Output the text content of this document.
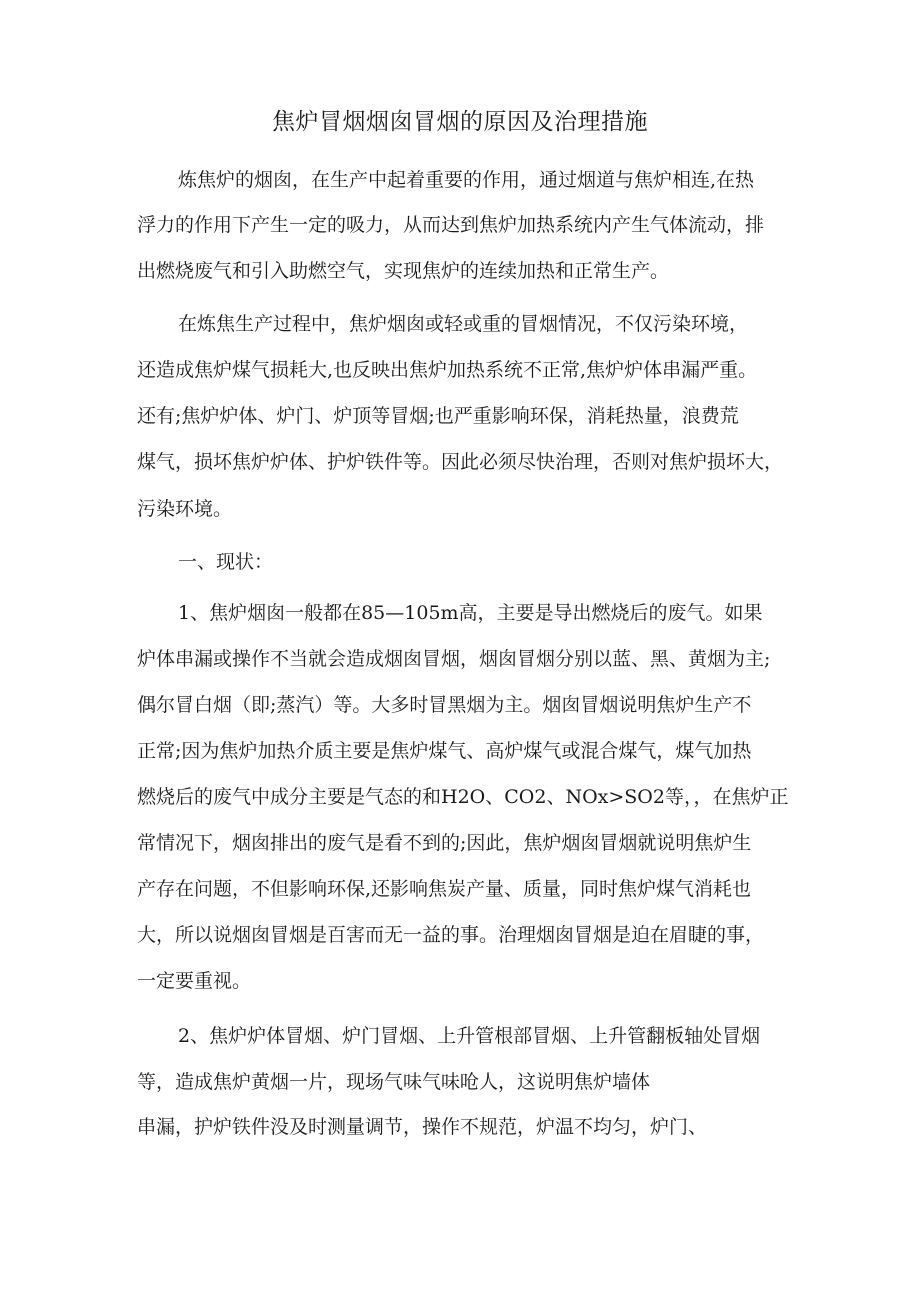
焦炉冒烟烟囱冒烟的原因及治理措施

炼焦炉的烟囱，在生产中起着重要的作用，通过烟道与焦炉相连,在热

浮力的作用下产生一定的吸力，从而达到焦炉加热系统内产生气体流动，排

出燃烧废气和引入助燃空气，实现焦炉的连续加热和正常生产。

在炼焦生产过程中，焦炉烟囱或轻或重的冒烟情况，不仅污染环境，

还造成焦炉煤气损耗大,也反映出焦炉加热系统不正常,焦炉炉体串漏严重。

还有;焦炉炉体、炉门、炉顶等冒烟;也严重影响环保，消耗热量，浪费荒

煤气，损坏焦炉炉体、护炉铁件等。因此必须尽快治理，否则对焦炉损坏大，

污染环境。

一、现状：

1、焦炉烟囱一般都在85—105m高，主要是导出燃烧后的废气。如果

炉体串漏或操作不当就会造成烟囱冒烟，烟囱冒烟分别以蓝、黑、黄烟为主;

偶尔冒白烟（即;蒸汽）等。大多时冒黑烟为主。烟囱冒烟说明焦炉生产不

正常;因为焦炉加热介质主要是焦炉煤气、高炉煤气或混合煤气，煤气加热

燃烧后的废气中成分主要是气态的和H2O、CO2、NOx>SO2等，，在焦炉正

常情况下，烟囱排出的废气是看不到的;因此，焦炉烟囱冒烟就说明焦炉生

产存在问题，不但影响环保,还影响焦炭产量、质量，同时焦炉煤气消耗也

大，所以说烟囱冒烟是百害而无一益的事。治理烟囱冒烟是迫在眉睫的事，

一定要重视。

2、焦炉炉体冒烟、炉门冒烟、上升管根部冒烟、上升管翻板轴处冒烟

等，造成焦炉黄烟一片，现场气味气味呛人，这说明焦炉墙体

串漏，护炉铁件没及时测量调节，操作不规范，炉温不均匀，炉门、
